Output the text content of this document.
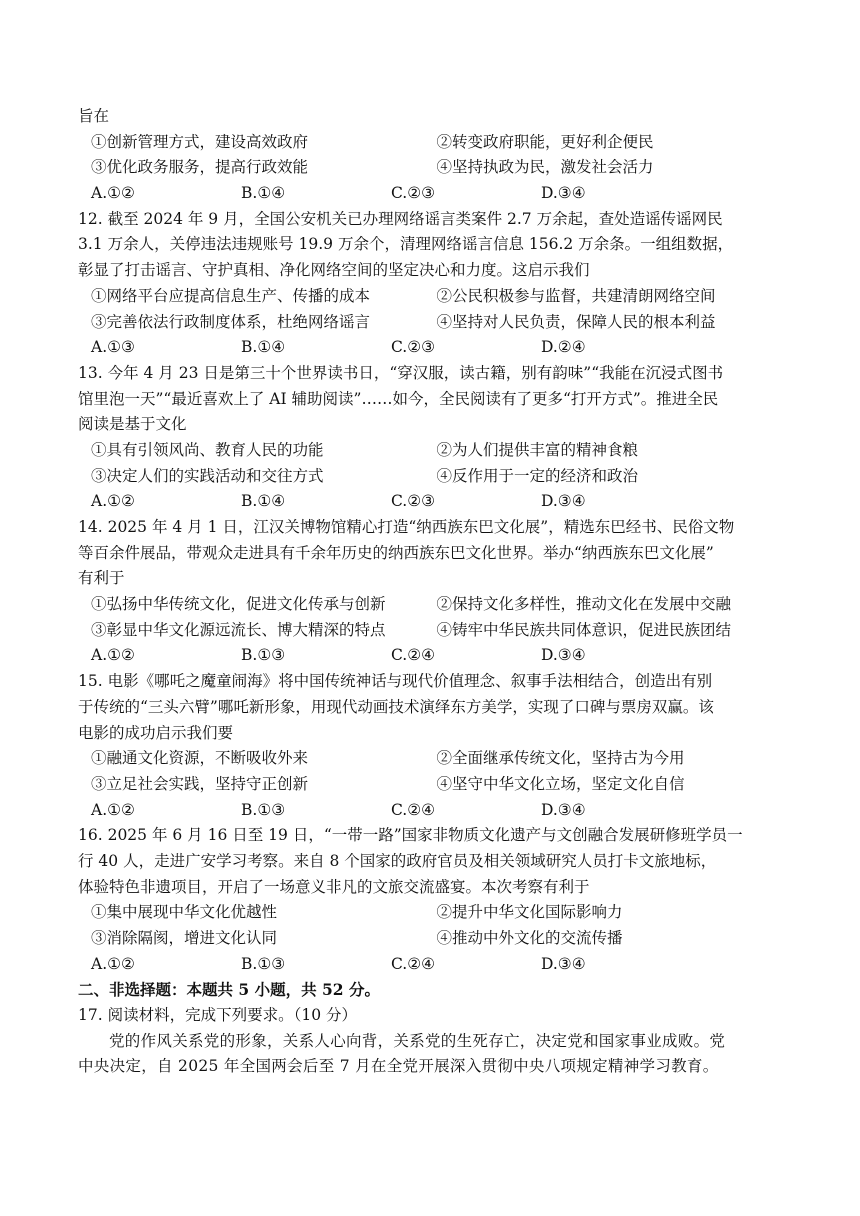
旨在
①创新管理方式，建设高效政府	②转变政府职能，更好利企便民
③优化政务服务，提高行政效能	④坚持执政为民，激发社会活力
A.①②	B.①④	C.②③	D.③④
12. 截至 2024 年 9 月，全国公安机关已办理网络谣言类案件 2.7 万余起，查处造谣传谣网民
3.1 万余人，关停违法违规账号 19.9 万余个，清理网络谣言信息 156.2 万余条。一组组数据，
彰显了打击谣言、守护真相、净化网络空间的坚定决心和力度。这启示我们
①网络平台应提高信息生产、传播的成本	②公民积极参与监督，共建清朗网络空间
③完善依法行政制度体系，杜绝网络谣言	④坚持对人民负责，保障人民的根本利益
A.①③	B.①④	C.②③	D.②④
13. 今年 4 月 23 日是第三十个世界读书日，“穿汉服，读古籍，别有韵味”“我能在沉浸式图书
馆里泡一天”“最近喜欢上了 AI 辅助阅读”……如今，全民阅读有了更多“打开方式”。推进全民
阅读是基于文化
①具有引领风尚、教育人民的功能	②为人们提供丰富的精神食粮
③决定人们的实践活动和交往方式	④反作用于一定的经济和政治
A.①②	B.①④	C.②③	D.③④
14. 2025 年 4 月 1 日，江汉关博物馆精心打造“纳西族东巴文化展”，精选东巴经书、民俗文物
等百余件展品，带观众走进具有千余年历史的纳西族东巴文化世界。举办“纳西族东巴文化展”
有利于
①弘扬中华传统文化，促进文化传承与创新	②保持文化多样性，推动文化在发展中交融
③彰显中华文化源远流长、博大精深的特点	④铸牢中华民族共同体意识，促进民族团结
A.①②	B.①③	C.②④	D.③④
15. 电影《哪吒之魔童闹海》将中国传统神话与现代价值理念、叙事手法相结合，创造出有别
于传统的“三头六臂”哪吒新形象，用现代动画技术演绎东方美学，实现了口碑与票房双赢。该
电影的成功启示我们要
①融通文化资源，不断吸收外来	②全面继承传统文化，坚持古为今用
③立足社会实践，坚持守正创新	④坚守中华文化立场，坚定文化自信
A.①②	B.①③	C.②④	D.③④
16. 2025 年 6 月 16 日至 19 日，“一带一路”国家非物质文化遗产与文创融合发展研修班学员一
行 40 人，走进广安学习考察。来自 8 个国家的政府官员及相关领域研究人员打卡文旅地标，
体验特色非遗项目，开启了一场意义非凡的文旅交流盛宴。本次考察有利于
①集中展现中华文化优越性	②提升中华文化国际影响力
③消除隔阂，增进文化认同	④推动中外文化的交流传播
A.①②	B.①③	C.②④	D.③④
二、非选择题：本题共 5 小题，共 52 分。
17. 阅读材料，完成下列要求。（10 分）
党的作风关系党的形象，关系人心向背，关系党的生死存亡，决定党和国家事业成败。党
中央决定，自 2025 年全国两会后至 7 月在全党开展深入贯彻中央八项规定精神学习教育。
